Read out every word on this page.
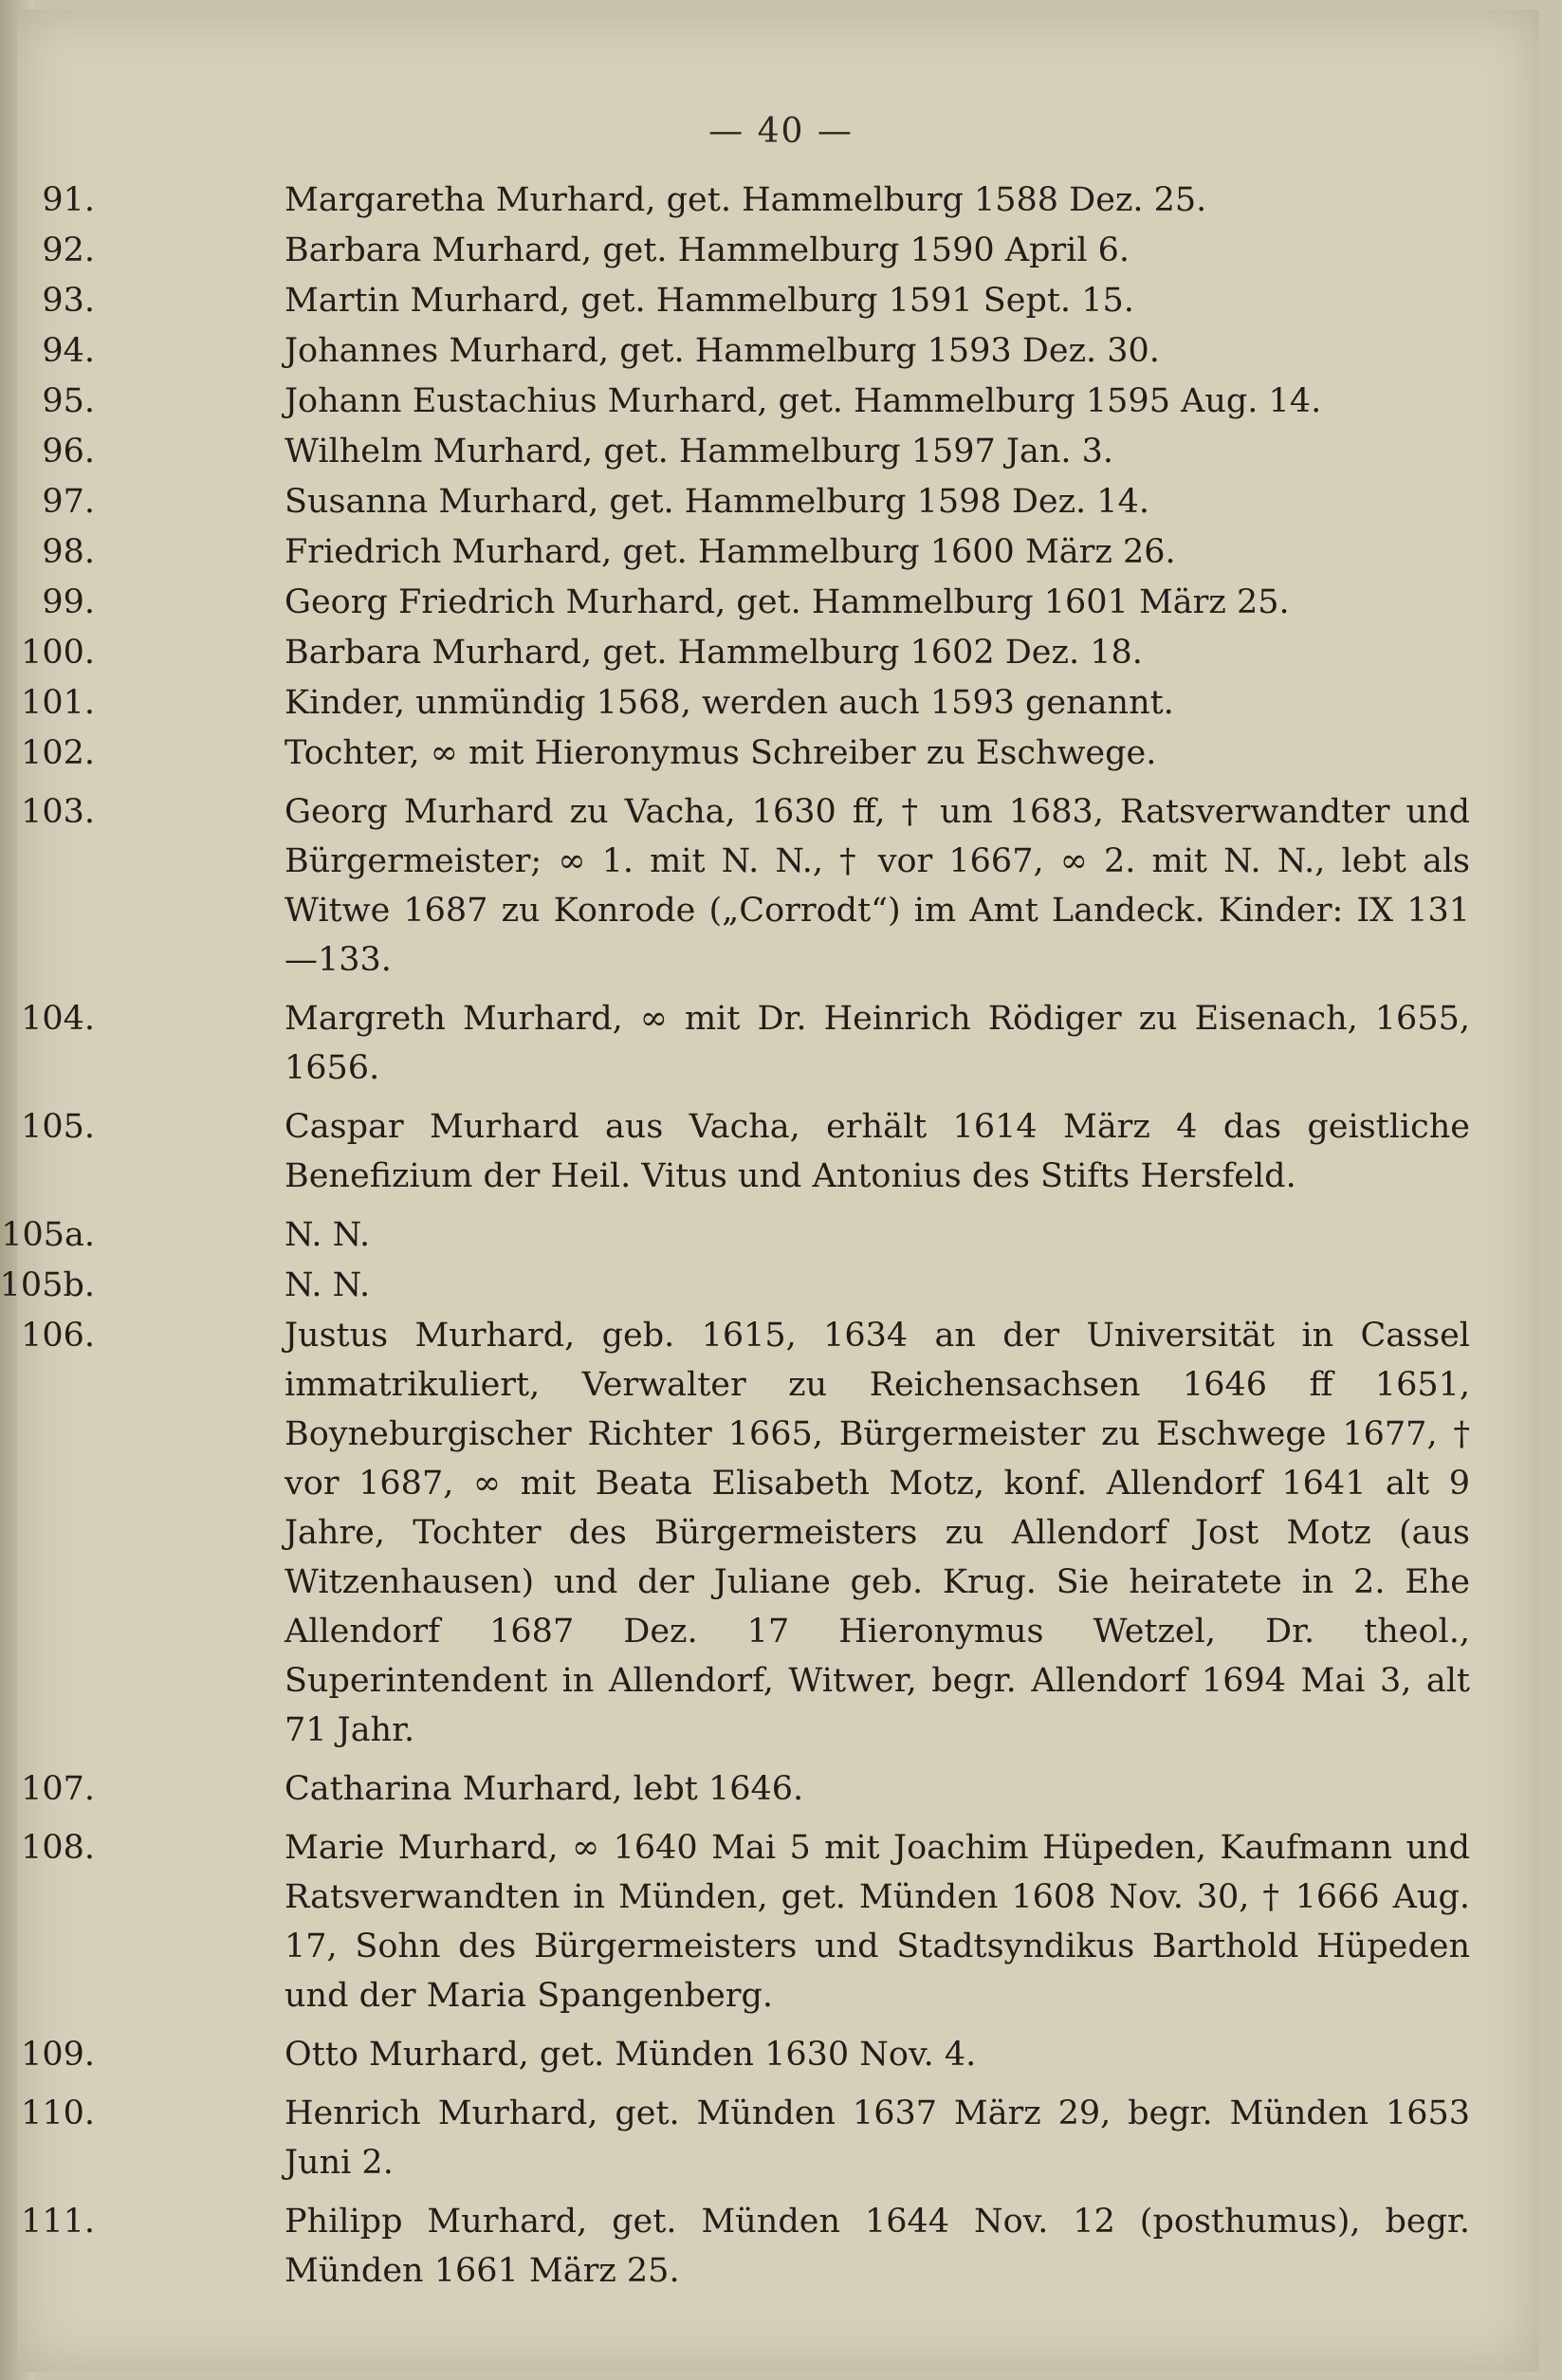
— 40 —
91.	Margaretha Murhard, get. Hammelburg 1588 Dez. 25.
92.	Barbara Murhard, get. Hammelburg 1590 April 6.
93.	Martin Murhard, get. Hammelburg 1591 Sept. 15.
94.	Johannes Murhard, get. Hammelburg 1593 Dez. 30.
95.	Johann Eustachius Murhard, get. Hammelburg 1595 Aug. 14.
96.	Wilhelm Murhard, get. Hammelburg 1597 Jan. 3.
97.	Susanna Murhard, get. Hammelburg 1598 Dez. 14.
98.	Friedrich Murhard, get. Hammelburg 1600 März 26.
99.	Georg Friedrich Murhard, get. Hammelburg 1601 März 25.
100.	Barbara Murhard, get. Hammelburg 1602 Dez. 18.
101.	Kinder, unmündig 1568, werden auch 1593 genannt.
102.	Tochter, ∞ mit Hieronymus Schreiber zu Eschwege.
103.	Georg Murhard zu Vacha, 1630 ff, † um 1683, Ratsverwandter und Bürgermeister; ∞ 1. mit N. N., † vor 1667, ∞ 2. mit N. N., lebt als Witwe 1687 zu Konrode („Corrodt“) im Amt Landeck. Kinder: IX 131—133.
104.	Margreth Murhard, ∞ mit Dr. Heinrich Rödiger zu Eisenach, 1655, 1656.
105.	Caspar Murhard aus Vacha, erhält 1614 März 4 das geistliche Benefizium der Heil. Vitus und Antonius des Stifts Hersfeld.
105a.	N. N.
105b.	N. N.
106.	Justus Murhard, geb. 1615, 1634 an der Universität in Cassel immatrikuliert, Verwalter zu Reichensachsen 1646 ff 1651, Boyneburgischer Richter 1665, Bürgermeister zu Eschwege 1677, † vor 1687, ∞ mit Beata Elisabeth Motz, konf. Allendorf 1641 alt 9 Jahre, Tochter des Bürgermeisters zu Allendorf Jost Motz (aus Witzenhausen) und der Juliane geb. Krug. Sie heiratete in 2. Ehe Allendorf 1687 Dez. 17 Hieronymus Wetzel, Dr. theol., Superintendent in Allendorf, Witwer, begr. Allendorf 1694 Mai 3, alt 71 Jahr.
107.	Catharina Murhard, lebt 1646.
108.	Marie Murhard, ∞ 1640 Mai 5 mit Joachim Hüpeden, Kaufmann und Ratsverwandten in Münden, get. Münden 1608 Nov. 30, † 1666 Aug. 17, Sohn des Bürgermeisters und Stadtsyndikus Barthold Hüpeden und der Maria Spangenberg.
109.	Otto Murhard, get. Münden 1630 Nov. 4.
110.	Henrich Murhard, get. Münden 1637 März 29, begr. Münden 1653 Juni 2.
111.	Philipp Murhard, get. Münden 1644 Nov. 12 (posthumus), begr. Münden 1661 März 25.
